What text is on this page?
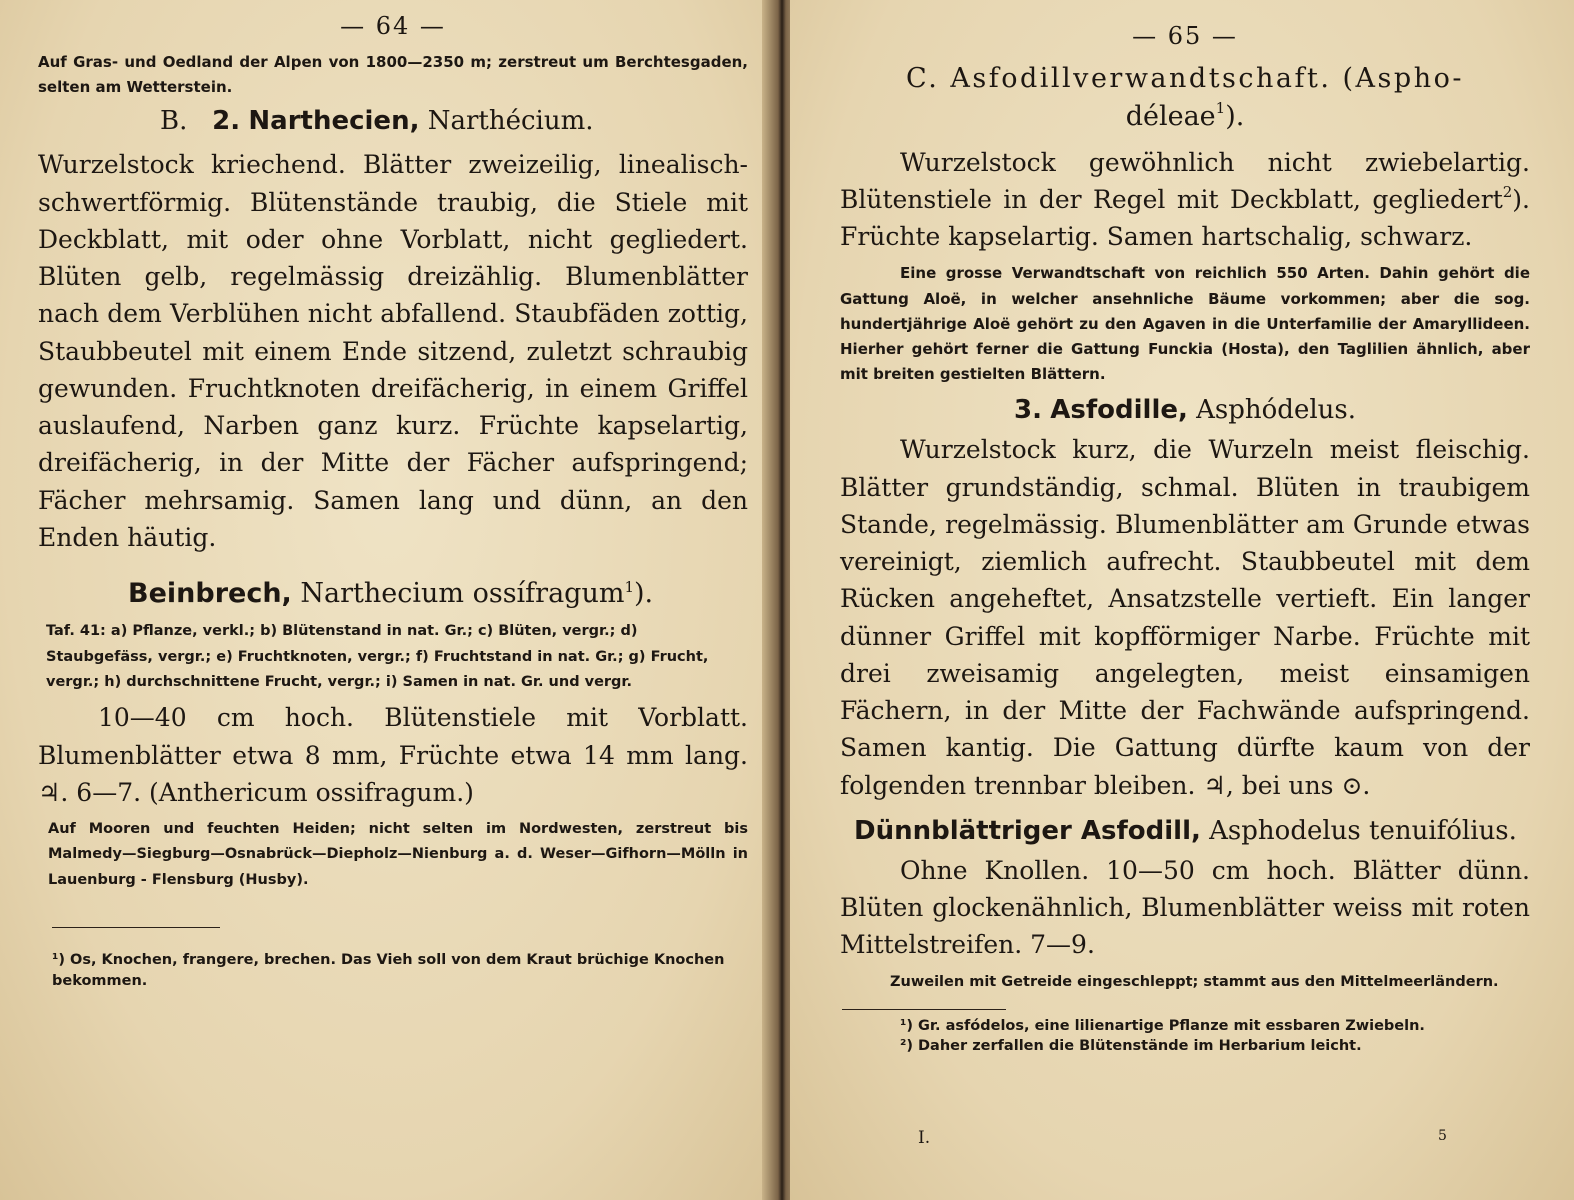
— 64 —

Auf Gras- und Oedland der Alpen von 1800—2350 m; zerstreut um Berchtesgaden, selten am Wetterstein.

B. 2. Narthecien, Narthécium.

Wurzelstock kriechend. Blätter zweizeilig, linealisch-schwertförmig. Blütenstände traubig, die Stiele mit Deckblatt, mit oder ohne Vorblatt, nicht gegliedert. Blüten gelb, regelmässig dreizählig. Blumenblätter nach dem Verblühen nicht abfallend. Staubfäden zottig, Staubbeutel mit einem Ende sitzend, zuletzt schraubig gewunden. Fruchtknoten dreifächerig, in einem Griffel auslaufend, Narben ganz kurz. Früchte kapselartig, dreifächerig, in der Mitte der Fächer aufspringend; Fächer mehrsamig. Samen lang und dünn, an den Enden häutig.

Beinbrech, Narthecium ossífragum$^1$).

Taf. 41: a) Pflanze, verkl.; b) Blütenstand in nat. Gr.; c) Blüten, vergr.; d) Staubgefäss, vergr.; e) Fruchtknoten, vergr.; f) Fruchtstand in nat. Gr.; g) Frucht, vergr.; h) durchschnittene Frucht, vergr.; i) Samen in nat. Gr. und vergr.

10—40 cm hoch. Blütenstiele mit Vorblatt. Blumenblätter etwa 8 mm, Früchte etwa 14 mm lang. ♃. 6—7. (Anthericum ossifragum.)

Auf Mooren und feuchten Heiden; nicht selten im Nordwesten, zerstreut bis Malmedy—Siegburg—Osnabrück—Diepholz—Nienburg a. d. Weser—Gifhorn—Mölln in Lauenburg - Flensburg (Husby).

¹) Os, Knochen, frangere, brechen. Das Vieh soll von dem Kraut brüchige Knochen bekommen.

— 65 —
C. Asfodillverwandtschaft. (Aspho-
déleae$^1$).

Wurzelstock gewöhnlich nicht zwiebelartig. Blütenstiele in der Regel mit Deckblatt, gegliedert$^2$). Früchte kapselartig. Samen hartschalig, schwarz.

Eine grosse Verwandtschaft von reichlich 550 Arten. Dahin gehört die Gattung Aloë, in welcher ansehnliche Bäume vorkommen; aber die sog. hundertjährige Aloë gehört zu den Agaven in die Unterfamilie der Amaryllideen. Hierher gehört ferner die Gattung Funckia (Hosta), den Taglilien ähnlich, aber mit breiten gestielten Blättern.

3. Asfodille, Asphódelus.

Wurzelstock kurz, die Wurzeln meist fleischig. Blätter grundständig, schmal. Blüten in traubigem Stande, regelmässig. Blumenblätter am Grunde etwas vereinigt, ziemlich aufrecht. Staubbeutel mit dem Rücken angeheftet, Ansatzstelle vertieft. Ein langer dünner Griffel mit kopfförmiger Narbe. Früchte mit drei zweisamig angelegten, meist einsamigen Fächern, in der Mitte der Fachwände aufspringend. Samen kantig. Die Gattung dürfte kaum von der folgenden trennbar bleiben. ♃, bei uns ⊙.

Dünnblättriger Asfodill, Asphodelus tenuifólius.

Ohne Knollen. 10—50 cm hoch. Blätter dünn. Blüten glockenähnlich, Blumenblätter weiss mit roten Mittelstreifen. 7—9.

Zuweilen mit Getreide eingeschleppt; stammt aus den Mittelmeerländern.

¹) Gr. asfódelos, eine lilienartige Pflanze mit essbaren Zwiebeln.
²) Daher zerfallen die Blütenstände im Herbarium leicht.
I.	5
